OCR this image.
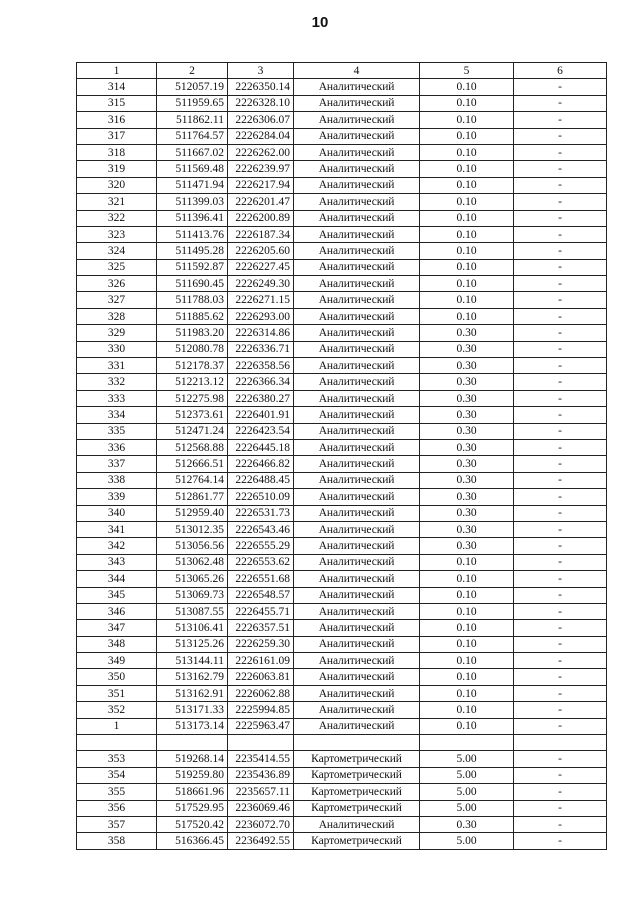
10
1	2	3	4	5	6
314	512057.19	2226350.14	Аналитический	0.10	-
315	511959.65	2226328.10	Аналитический	0.10	-
316	511862.11	2226306.07	Аналитический	0.10	-
317	511764.57	2226284.04	Аналитический	0.10	-
318	511667.02	2226262.00	Аналитический	0.10	-
319	511569.48	2226239.97	Аналитический	0.10	-
320	511471.94	2226217.94	Аналитический	0.10	-
321	511399.03	2226201.47	Аналитический	0.10	-
322	511396.41	2226200.89	Аналитический	0.10	-
323	511413.76	2226187.34	Аналитический	0.10	-
324	511495.28	2226205.60	Аналитический	0.10	-
325	511592.87	2226227.45	Аналитический	0.10	-
326	511690.45	2226249.30	Аналитический	0.10	-
327	511788.03	2226271.15	Аналитический	0.10	-
328	511885.62	2226293.00	Аналитический	0.10	-
329	511983.20	2226314.86	Аналитический	0.30	-
330	512080.78	2226336.71	Аналитический	0.30	-
331	512178.37	2226358.56	Аналитический	0.30	-
332	512213.12	2226366.34	Аналитический	0.30	-
333	512275.98	2226380.27	Аналитический	0.30	-
334	512373.61	2226401.91	Аналитический	0.30	-
335	512471.24	2226423.54	Аналитический	0.30	-
336	512568.88	2226445.18	Аналитический	0.30	-
337	512666.51	2226466.82	Аналитический	0.30	-
338	512764.14	2226488.45	Аналитический	0.30	-
339	512861.77	2226510.09	Аналитический	0.30	-
340	512959.40	2226531.73	Аналитический	0.30	-
341	513012.35	2226543.46	Аналитический	0.30	-
342	513056.56	2226555.29	Аналитический	0.30	-
343	513062.48	2226553.62	Аналитический	0.10	-
344	513065.26	2226551.68	Аналитический	0.10	-
345	513069.73	2226548.57	Аналитический	0.10	-
346	513087.55	2226455.71	Аналитический	0.10	-
347	513106.41	2226357.51	Аналитический	0.10	-
348	513125.26	2226259.30	Аналитический	0.10	-
349	513144.11	2226161.09	Аналитический	0.10	-
350	513162.79	2226063.81	Аналитический	0.10	-
351	513162.91	2226062.88	Аналитический	0.10	-
352	513171.33	2225994.85	Аналитический	0.10	-
1	513173.14	2225963.47	Аналитический	0.10	-

353	519268.14	2235414.55	Картометрический	5.00	-
354	519259.80	2235436.89	Картометрический	5.00	-
355	518661.96	2235657.11	Картометрический	5.00	-
356	517529.95	2236069.46	Картометрический	5.00	-
357	517520.42	2236072.70	Аналитический	0.30	-
358	516366.45	2236492.55	Картометрический	5.00	-
